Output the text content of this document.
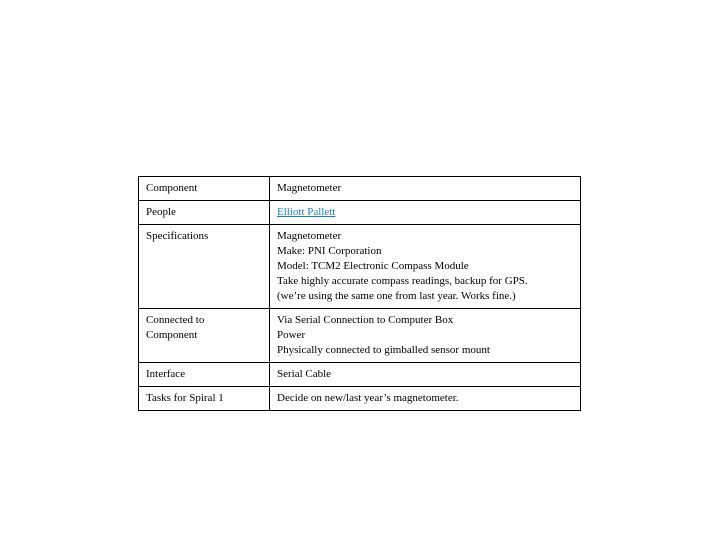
Component	Magnetometer
People	Elliott Pallett
Specifications	Magnetometer
Make: PNI Corporation
Model: TCM2 Electronic Compass Module
Take highly accurate compass readings, backup for GPS.
(we’re using the same one from last year. Works fine.)

Connected to
Component	Via Serial Connection to Computer Box
Power
Physically connected to gimballed sensor mount

Interface	Serial Cable
Tasks for Spiral 1	Decide on new/last year’s magnetometer.
